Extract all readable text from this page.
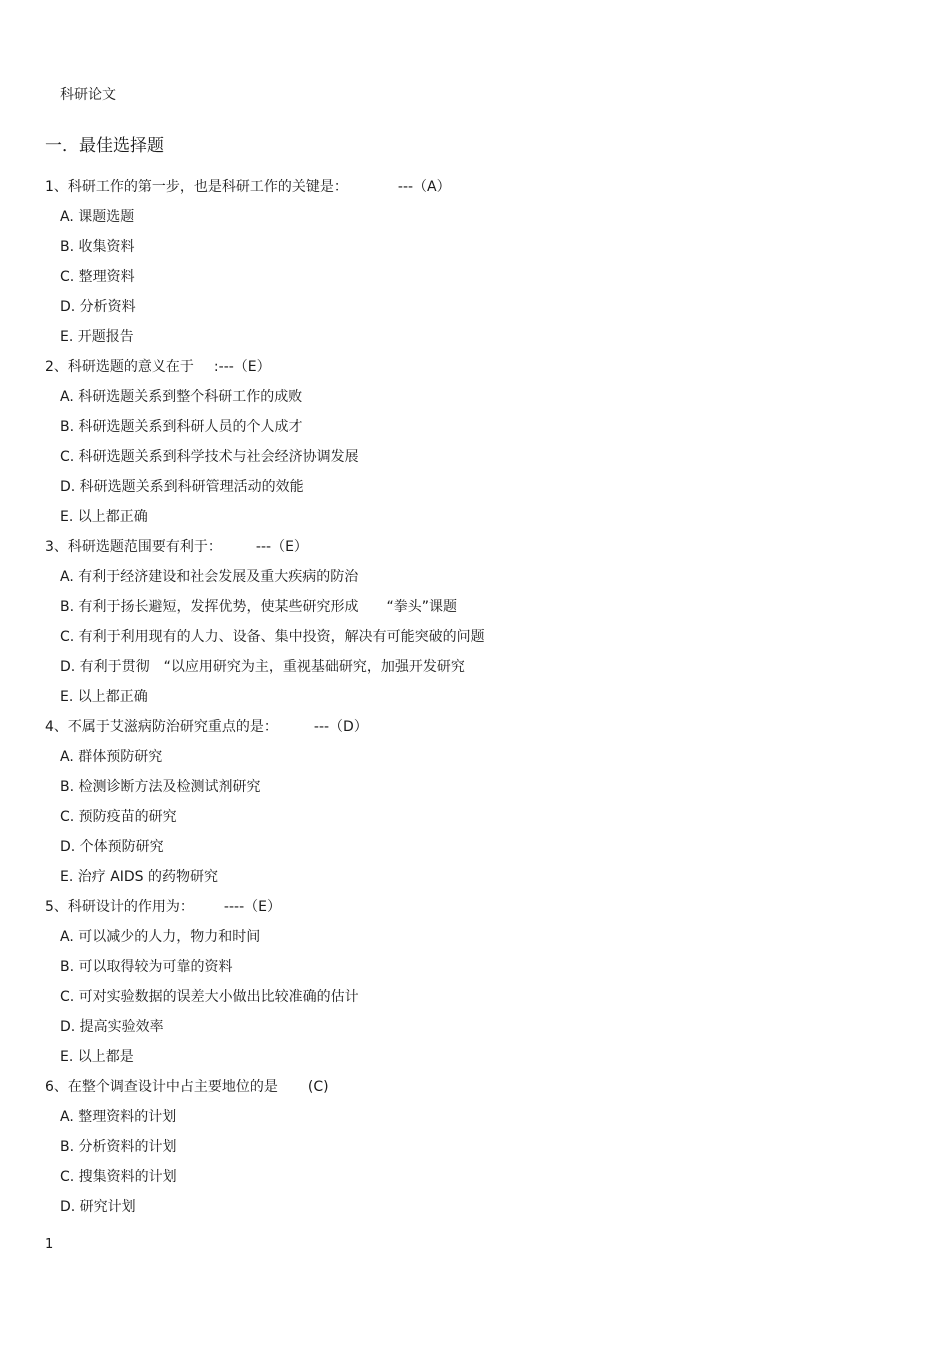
科研论文

一．最佳选择题
1、科研工作的第一步，也是科研工作的关键是：	---（A）
A. 课题选题
B. 收集资料
C. 整理资料
D. 分析资料
E. 开题报告
2、科研选题的意义在于 :---（E）
A. 科研选题关系到整个科研工作的成败
B. 科研选题关系到科研人员的个人成才
C. 科研选题关系到科学技术与社会经济协调发展
D. 科研选题关系到科研管理活动的效能
E. 以上都正确
3、科研选题范围要有利于： ---（E）
A. 有利于经济建设和社会发展及重大疾病的防治
B. 有利于扬长避短，发挥优势，使某些研究形成　　“拳头”课题
C. 有利于利用现有的人力、设备、集中投资，解决有可能突破的问题
D. 有利于贯彻　“以应用研究为主，重视基础研究，加强开发研究
E. 以上都正确
4、不属于艾滋病防治研究重点的是：	---（D）
A. 群体预防研究
B. 检测诊断方法及检测试剂研究
C. 预防疫苗的研究
D. 个体预防研究
E. 治疗 AIDS 的药物研究
5、科研设计的作用为： ----（E）
A. 可以减少的人力，物力和时间
B. 可以取得较为可靠的资料
C. 可对实验数据的误差大小做出比较准确的估计
D. 提高实验效率
E. 以上都是
6、在整个调查设计中占主要地位的是 (C)
A. 整理资料的计划
B. 分析资料的计划
C. 搜集资料的计划
D. 研究计划
1
